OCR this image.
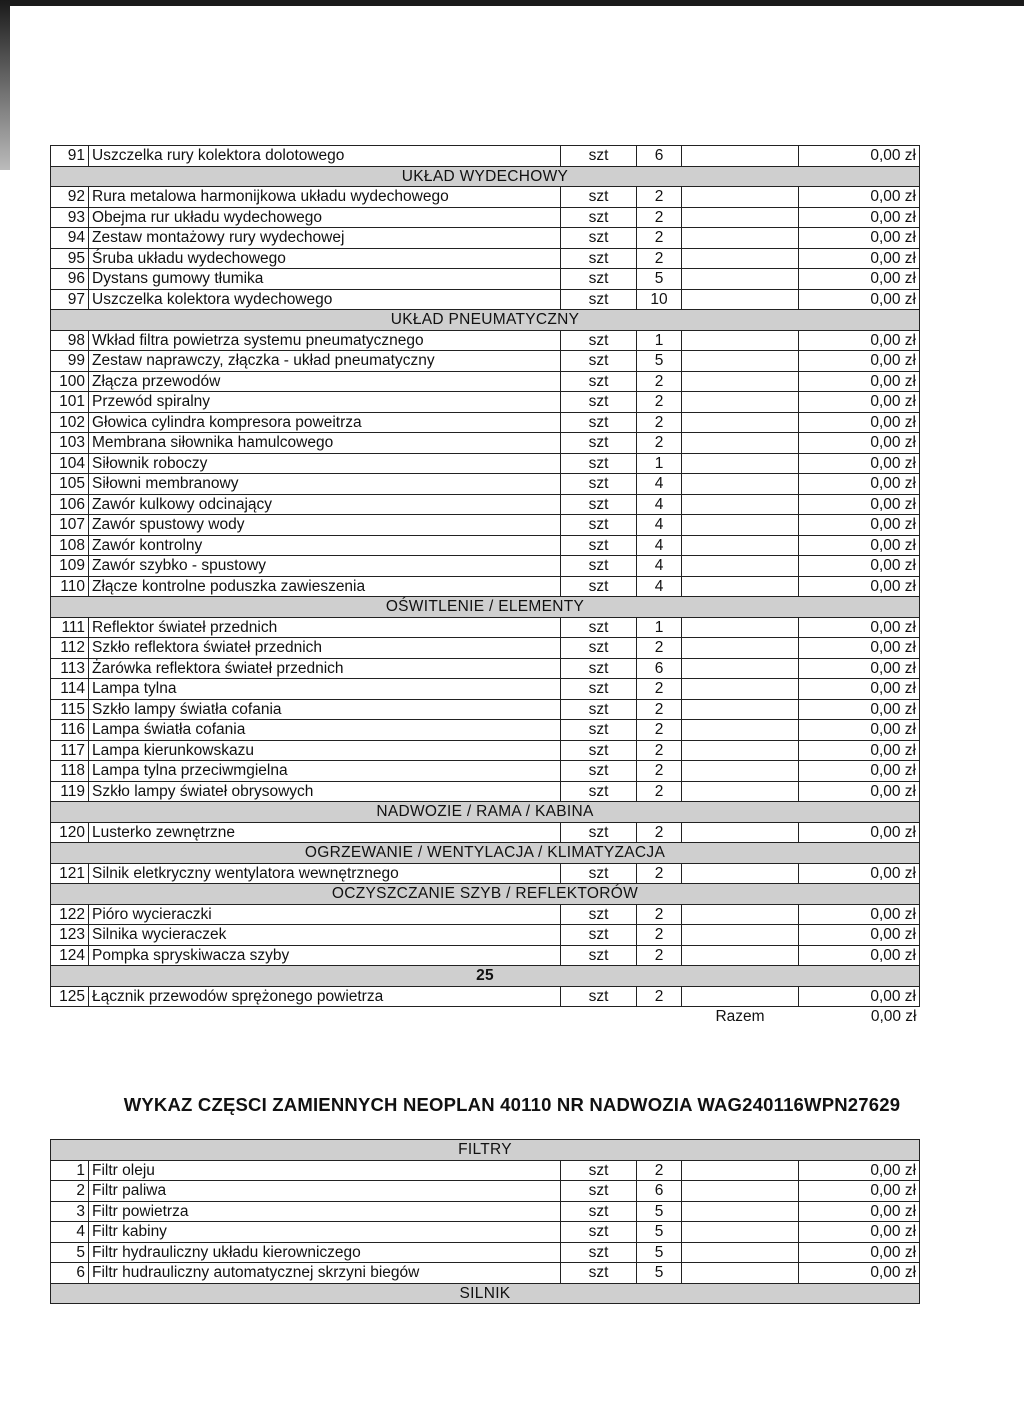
91	Uszczelka rury kolektora dolotowego	szt	6		0,00 zł
UKŁAD WYDECHOWY					
92	Rura metalowa harmonijkowa układu wydechowego	szt	2		0,00 zł
93	Obejma rur układu wydechowego	szt	2		0,00 zł
94	Zestaw montażowy rury wydechowej	szt	2		0,00 zł
95	Śruba układu wydechowego	szt	2		0,00 zł
96	Dystans gumowy tłumika	szt	5		0,00 zł
97	Uszczelka kolektora wydechowego	szt	10		0,00 zł
UKŁAD PNEUMATYCZNY					
98	Wkład filtra powietrza systemu pneumatycznego	szt	1		0,00 zł
99	Zestaw naprawczy, złączka - układ pneumatyczny	szt	5		0,00 zł
100	Złącza przewodów	szt	2		0,00 zł
101	Przewód spiralny	szt	2		0,00 zł
102	Głowica cylindra kompresora poweitrza	szt	2		0,00 zł
103	Membrana siłownika hamulcowego	szt	2		0,00 zł
104	Siłownik roboczy	szt	1		0,00 zł
105	Siłowni membranowy	szt	4		0,00 zł
106	Zawór kulkowy odcinający	szt	4		0,00 zł
107	Zawór spustowy wody	szt	4		0,00 zł
108	Zawór kontrolny	szt	4		0,00 zł
109	Zawór szybko - spustowy	szt	4		0,00 zł
110	Złącze kontrolne poduszka zawieszenia	szt	4		0,00 zł
OŚWITLENIE / ELEMENTY					
111	Reflektor świateł przednich	szt	1		0,00 zł
112	Szkło reflektora świateł przednich	szt	2		0,00 zł
113	Żarówka reflektora świateł przednich	szt	6		0,00 zł
114	Lampa tylna	szt	2		0,00 zł
115	Szkło lampy światła cofania	szt	2		0,00 zł
116	Lampa światła cofania	szt	2		0,00 zł
117	Lampa kierunkowskazu	szt	2		0,00 zł
118	Lampa tylna przeciwmgielna	szt	2		0,00 zł
119	Szkło lampy świateł obrysowych	szt	2		0,00 zł
NADWOZIE / RAMA / KABINA					
120	Lusterko zewnętrzne	szt	2		0,00 zł
OGRZEWANIE / WENTYLACJA / KLIMATYZACJA					
121	Silnik eletkryczny wentylatora wewnętrznego	szt	2		0,00 zł
OCZYSZCZANIE SZYB / REFLEKTORÓW					
122	Pióro wycieraczki	szt	2		0,00 zł
123	Silnika wycieraczek	szt	2		0,00 zł
124	Pompka spryskiwacza szyby	szt	2		0,00 zł
25					
125	Łącznik przewodów sprężonego powietrza	szt	2		0,00 zł
				Razem	0,00 zł
WYKAZ CZĘSCI ZAMIENNYCH NEOPLAN 40110 NR NADWOZIA WAG240116WPN27629
FILTRY					
1	Filtr oleju	szt	2		0,00 zł
2	Filtr paliwa	szt	6		0,00 zł
3	Filtr powietrza	szt	5		0,00 zł
4	Filtr kabiny	szt	5		0,00 zł
5	Filtr hydrauliczny układu kierowniczego	szt	5		0,00 zł
6	Filtr hudrauliczny automatycznej skrzyni biegów	szt	5		0,00 zł
SILNIK					
